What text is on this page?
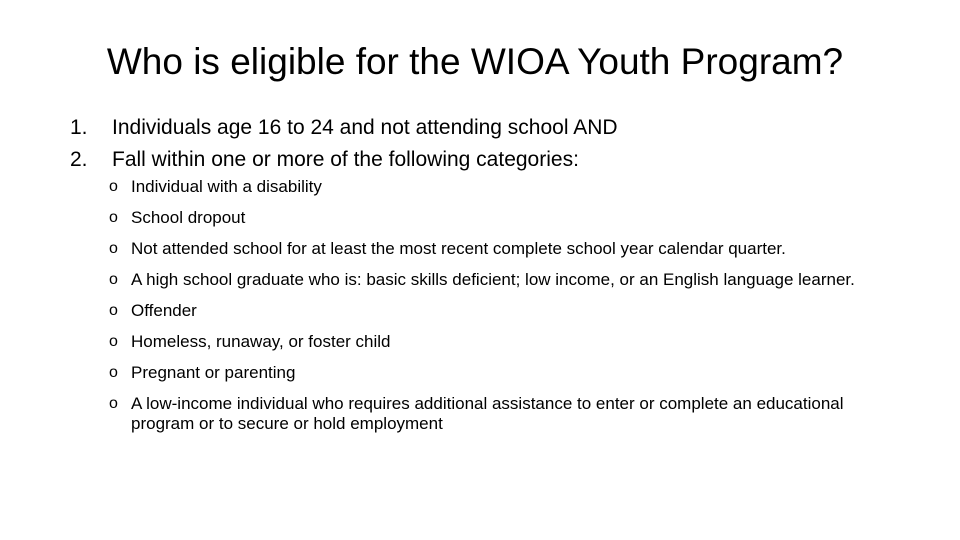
Who is eligible for the WIOA Youth Program?
1. Individuals age 16 to 24 and not attending school AND
2. Fall within one or more of the following categories:
o Individual with a disability
o School dropout
o Not attended school for at least the most recent complete school year calendar quarter.
o A high school graduate who is: basic skills deficient; low income, or an English language learner.
o Offender
o Homeless, runaway, or foster child
o Pregnant or parenting
o A low-income individual who requires additional assistance to enter or complete an educational program or to secure or hold employment
